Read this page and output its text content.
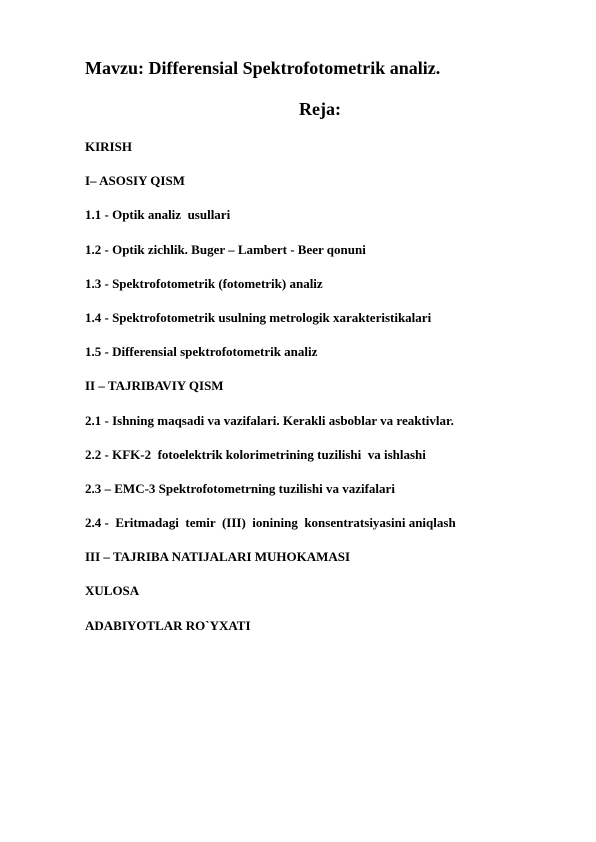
Mavzu: Differensial Spektrofotometrik analiz.
Reja:
KIRISH
I– ASOSIY QISM
1.1 - Optik analiz  usullari
1.2 - Optik zichlik. Buger – Lambert - Beer qonuni
1.3 - Spektrofotometrik (fotometrik) analiz
1.4 - Spektrofotometrik usulning metrologik xarakteristikalari
1.5 - Differensial spektrofotometrik analiz
II – TAJRIBAVIY QISM
2.1 - Ishning maqsadi va vazifalari. Kerakli asboblar va reaktivlar.
2.2 - KFK-2  fotoelektrik kolorimetrining tuzilishi  va ishlashi
2.3 – EMC-3 Spektrofotometrning tuzilishi va vazifalari
2.4 -  Eritmadagi  temir  (III)  ionining  konsentratsiyasini aniqlash
III – TAJRIBA NATIJALARI MUHOKAMASI
XULOSA
ADABIYOTLAR RO`YXATI
